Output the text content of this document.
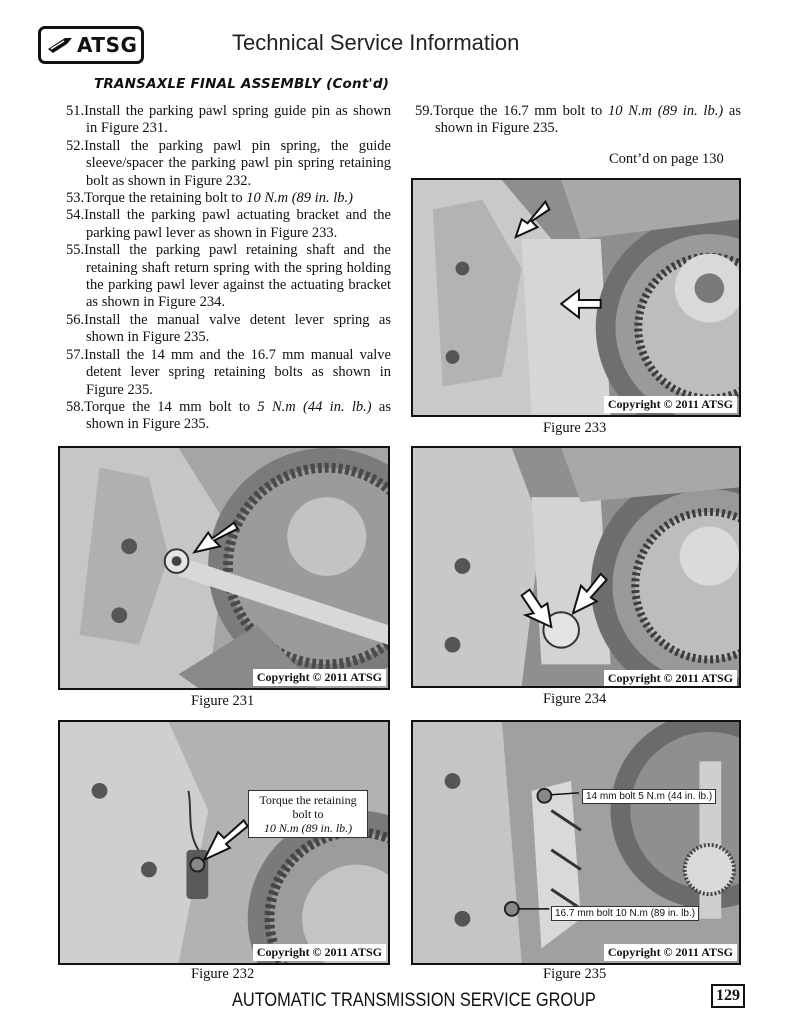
ATSG	Technical Service Information
TRANSAXLE FINAL ASSEMBLY (Cont'd)

51.Install the parking pawl spring guide pin as shown in Figure 231.

52.Install the parking pawl pin spring, the guide sleeve/spacer the parking pawl pin spring retaining bolt as shown in Figure 232.

53.Torque the retaining bolt to 10 N.m (89 in. lb.)

54.Install the parking pawl actuating bracket and the parking pawl lever as shown in Figure 233.

55.Install the parking pawl retaining shaft and the retaining shaft return spring with the spring holding the parking pawl lever against the actuating bracket as shown in Figure 234.

56.Install the manual valve detent lever spring as shown in Figure 235.

57.Install the 14 mm and the 16.7 mm manual valve detent lever spring retaining bolts as shown in Figure 235.

58.Torque the 14 mm bolt to 5 N.m (44 in. lb.) as shown in Figure 235.

59.Torque the 16.7 mm bolt to 10 N.m (89 in. lb.) as shown in Figure 235.

Cont’d on page 130
Copyright © 2011 ATSG
Figure 233
Copyright © 2011 ATSG
Figure 231
Copyright © 2011 ATSG
Figure 234
Copyright © 2011 ATSG
Torque the retaining
bolt to
10 N.m (89 in. lb.)
Figure 232
14 mm bolt 5 N.m (44 in. lb.)
16.7 mm bolt 10 N.m (89 in. lb.)
Copyright © 2011 ATSG
Figure 235
AUTOMATIC TRANSMISSION SERVICE GROUP	129
